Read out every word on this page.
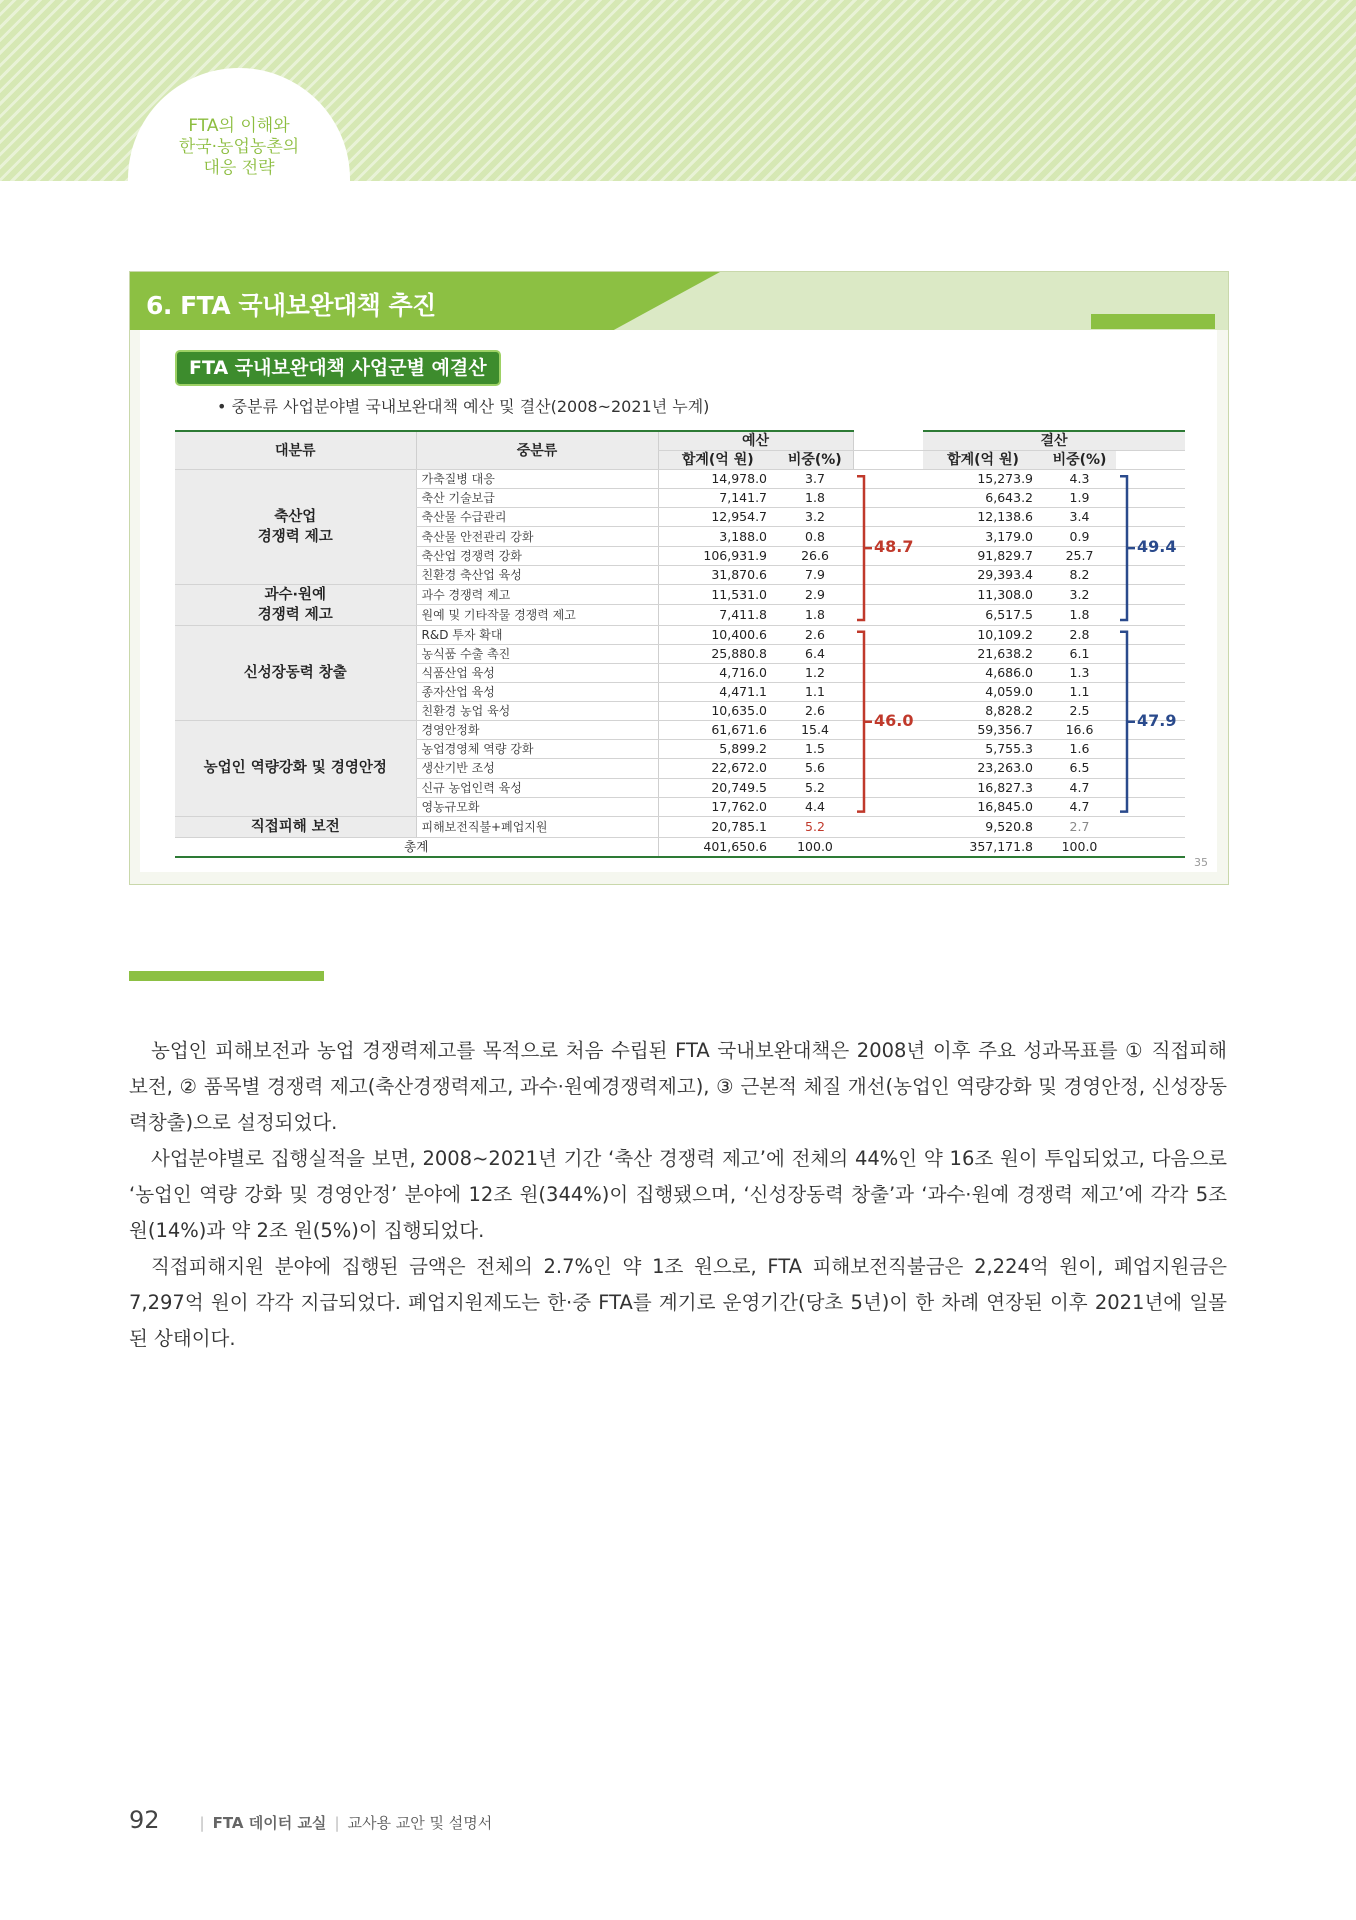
FTA의 이해와
한국·농업농촌의
대응 전략
6. FTA 국내보완대책 추진
FTA 국내보완대책 사업군별 예결산
• 중분류 사업분야별 국내보완대책 예산 및 결산(2008~2021년 누계)
대분류	중분류	예산			결산		
		합계(억 원)	비중(%)		합계(억 원)	비중(%)	
축산업
경쟁력 제고	가축질병 대응	14,978.0	3.7		15,273.9	4.3	
	축산 기술보급	7,141.7	1.8		6,643.2	1.9	
	축산물 수급관리	12,954.7	3.2		12,138.6	3.4	
	축산물 안전관리 강화	3,188.0	0.8		3,179.0	0.9	
	축산업 경쟁력 강화	106,931.9	26.6		91,829.7	25.7	
	친환경 축산업 육성	31,870.6	7.9		29,393.4	8.2	
과수·원예
경쟁력 제고	과수 경쟁력 제고	11,531.0	2.9		11,308.0	3.2	
	원예 및 기타작물 경쟁력 제고	7,411.8	1.8		6,517.5	1.8	
신성장동력 창출	R&D 투자 확대	10,400.6	2.6		10,109.2	2.8	
	농식품 수출 촉진	25,880.8	6.4		21,638.2	6.1	
	식품산업 육성	4,716.0	1.2		4,686.0	1.3	
	종자산업 육성	4,471.1	1.1		4,059.0	1.1	
	친환경 농업 육성	10,635.0	2.6		8,828.2	2.5	
농업인 역량강화 및 경영안정	경영안정화	61,671.6	15.4		59,356.7	16.6	
	농업경영체 역량 강화	5,899.2	1.5		5,755.3	1.6	
	생산기반 조성	22,672.0	5.6		23,263.0	6.5	
	신규 농업인력 육성	20,749.5	5.2		16,827.3	4.7	
	영농규모화	17,762.0	4.4		16,845.0	4.7	
직접피해 보전	피해보전직불+폐업지원	20,785.1	5.2		9,520.8	2.7	
총계		401,650.6	100.0		357,171.8	100.0	
48.7
46.0
49.4
47.9
35

농업인 피해보전과 농업 경쟁력제고를 목적으로 처음 수립된 FTA 국내보완대책은 2008년 이후 주요 성과목표를 ① 직접피해 보전, ② 품목별 경쟁력 제고(축산경쟁력제고, 과수·원예경쟁력제고), ③ 근본적 체질 개선(농업인 역량강화 및 경영안정, 신성장동력창출)으로 설정되었다.

사업분야별로 집행실적을 보면, 2008~2021년 기간 ‘축산 경쟁력 제고’에 전체의 44%인 약 16조 원이 투입되었고, 다음으로 ‘농업인 역량 강화 및 경영안정’ 분야에 12조 원(344%)이 집행됐으며, ‘신성장동력 창출’과 ‘과수·원예 경쟁력 제고’에 각각 5조 원(14%)과 약 2조 원(5%)이 집행되었다.

직접피해지원 분야에 집행된 금액은 전체의 2.7%인 약 1조 원으로, FTA 피해보전직불금은 2,224억 원이, 폐업지원금은 7,297억 원이 각각 지급되었다. 폐업지원제도는 한·중 FTA를 계기로 운영기간(당초 5년)이 한 차례 연장된 이후 2021년에 일몰된 상태이다.

92	| FTA 데이터 교실 | 교사용 교안 및 설명서
